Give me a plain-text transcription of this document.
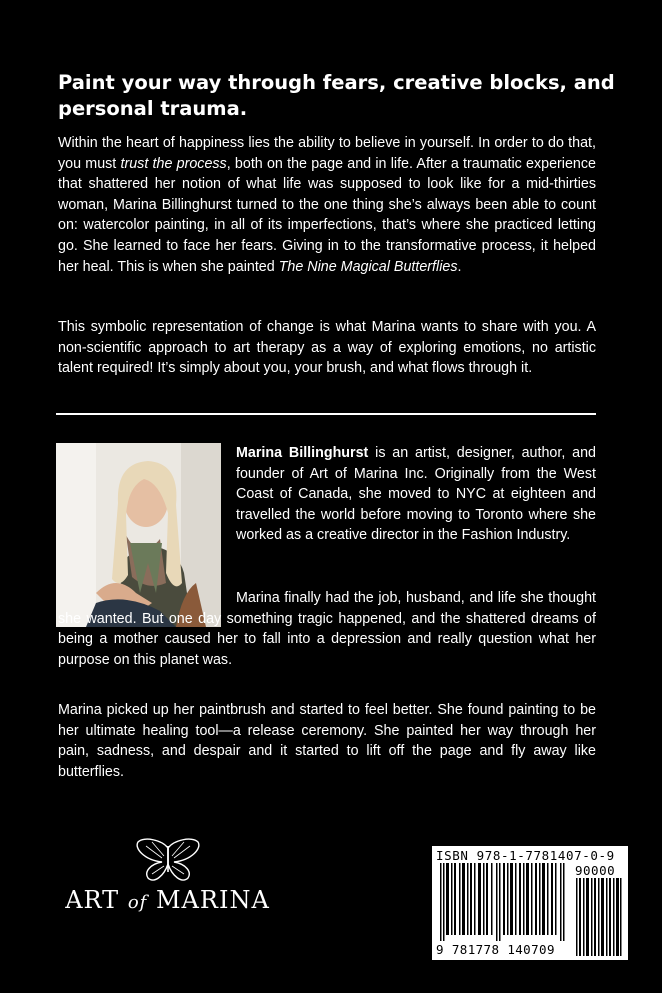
Paint your way through fears, creative blocks, and personal trauma.

Within the heart of happiness lies the ability to believe in yourself. In order to do that, you must trust the process, both on the page and in life. After a traumatic experience that shattered her notion of what life was supposed to look like for a mid-thirties woman, Marina Billinghurst turned to the one thing she’s always been able to count on: watercolor painting, in all of its imperfections, that’s where she practiced letting go. She learned to face her fears. Giving in to the transformative process, it helped her heal. This is when she painted The Nine Magical Butterflies.

This symbolic representation of change is what Marina wants to share with you. A non-scientific approach to art therapy as a way of exploring emotions, no artistic talent required! It’s simply about you, your brush, and what flows through it.

Marina Billinghurst is an artist, designer, author, and founder of Art of Marina Inc. Originally from the West Coast of Canada, she moved to NYC at eighteen and travelled the world before moving to Toronto where she worked as a creative director in the Fashion Industry.

Marina finally had the job, husband, and life she thought she wanted. But one day something tragic happened, and the shattered dreams of being a mother caused her to fall into a depression and really question what her purpose on this planet was.

Marina picked up her paintbrush and started to feel better. She found painting to be her ultimate healing tool—a release ceremony. She painted her way through her pain, sadness, and despair and it started to lift off the page and fly away like butterflies.

ART of MARINA
ISBN 978-1-7781407-0-9
90000
9 781778 140709
